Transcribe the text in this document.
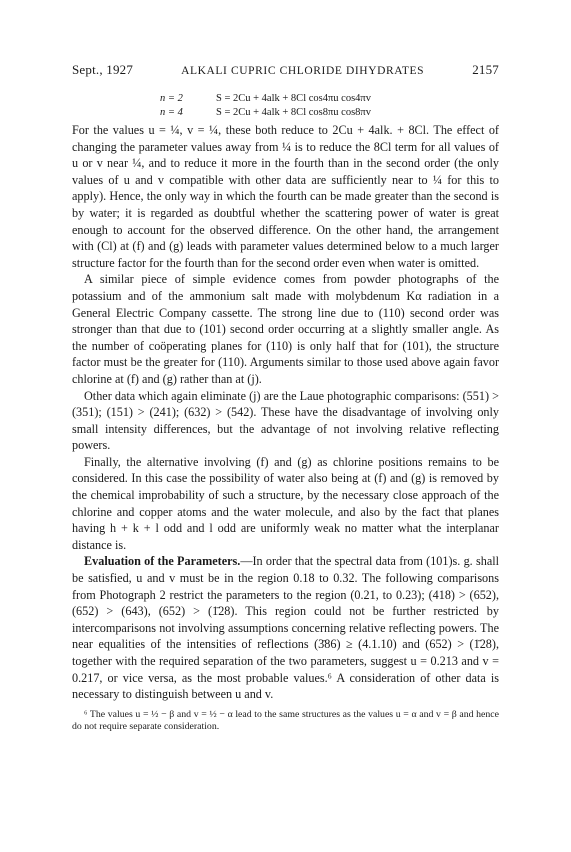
Sept., 1927	ALKALI CUPRIC CHLORIDE DIHYDRATES	2157
n = 2	S = 2Cu + 4alk + 8Cl cos4πu cos4πv
n = 4	S = 2Cu + 4alk + 8Cl cos8πu cos8πv

For the values u = ¼, v = ¼, these both reduce to 2Cu + 4alk. + 8Cl. The effect of changing the parameter values away from ¼ is to reduce the 8Cl term for all values of u or v near ¼, and to reduce it more in the fourth than in the second order (the only values of u and v compatible with other data are sufficiently near to ¼ for this to apply). Hence, the only way in which the fourth can be made greater than the second is by water; it is regarded as doubtful whether the scattering power of water is great enough to account for the observed difference. On the other hand, the arrangement with (Cl) at (f) and (g) leads with parameter values determined below to a much larger structure factor for the fourth than for the second order even when water is omitted.

A similar piece of simple evidence comes from powder photographs of the potassium and of the ammonium salt made with molybdenum Kα radiation in a General Electric Company cassette. The strong line due to (110) second order was stronger than that due to (101) second order occurring at a slightly smaller angle. As the number of coöperating planes for (110) is only half that for (101), the structure factor must be the greater for (110). Arguments similar to those used above again favor chlorine at (f) and (g) rather than at (j).

Other data which again eliminate (j) are the Laue photographic comparisons: (551) > (351); (151) > (241); (632) > (542). These have the disadvantage of involving only small intensity differences, but the advantage of not involving relative reflecting powers.

Finally, the alternative involving (f) and (g) as chlorine positions remains to be considered. In this case the possibility of water also being at (f) and (g) is removed by the chemical improbability of such a structure, by the necessary close approach of the chlorine and copper atoms and the water molecule, and also by the fact that planes having h + k + l odd and l odd are uniformly weak no matter what the interplanar distance is.

Evaluation of the Parameters.—In order that the spectral data from (101)s. g. shall be satisfied, u and v must be in the region 0.18 to 0.32. The following comparisons from Photograph 2 restrict the parameters to the region (0.21, to 0.23); (418) > (652), (652) > (643), (652) > (1̄28). This region could not be further restricted by intercomparisons not involving assumptions concerning relative reflecting powers. The near equalities of the intensities of reflections (3̄86) ≥ (4.1.10) and (652) > (1̄28), together with the required separation of the two parameters, suggest u = 0.213 and v = 0.217, or vice versa, as the most probable values.⁶ A consideration of other data is necessary to distinguish between u and v.

⁶ The values u = ½ − β and v = ½ − α lead to the same structures as the values u = α and v = β and hence do not require separate consideration.
